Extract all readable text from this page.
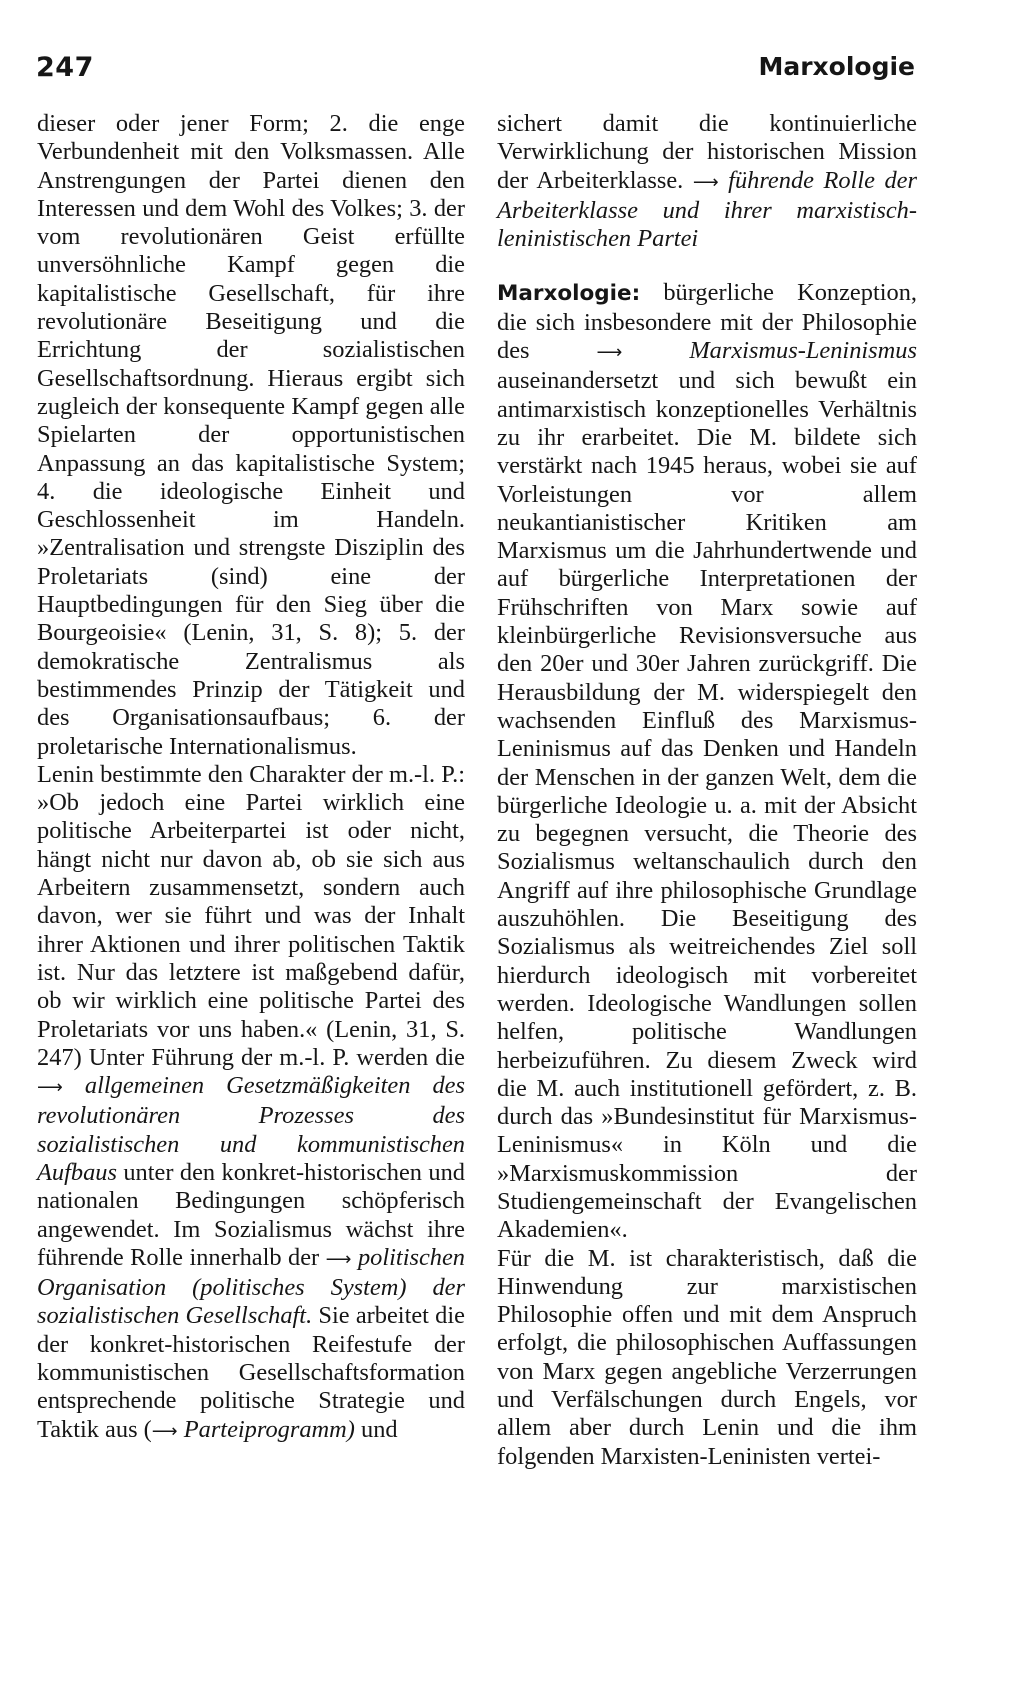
247	Marxologie

dieser oder jener Form; 2. die enge Verbundenheit mit den Volksmassen. Alle Anstrengungen der Partei dienen den Interessen und dem Wohl des Volkes; 3. der vom revolutionären Geist erfüllte unversöhnliche Kampf gegen die kapitalistische Gesellschaft, für ihre revolutionäre Beseitigung und die Errichtung der sozialistischen Gesellschaftsordnung. Hieraus ergibt sich zugleich der konsequente Kampf gegen alle Spielarten der opportunistischen Anpassung an das kapitalistische System; 4. die ideologische Einheit und Geschlossenheit im Handeln. »Zentralisation und strengste Disziplin des Proletariats (sind) eine der Hauptbedingungen für den Sieg über die Bourgeoisie« (Lenin, 31, S. 8); 5. der demokratische Zentralismus als bestimmendes Prinzip der Tätigkeit und des Organisationsaufbaus; 6. der proletarische Internationalismus.

Lenin bestimmte den Charakter der m.-l. P.: »Ob jedoch eine Partei wirklich eine politische Arbeiterpartei ist oder nicht, hängt nicht nur davon ab, ob sie sich aus Arbeitern zusammensetzt, sondern auch davon, wer sie führt und was der Inhalt ihrer Aktionen und ihrer politischen Taktik ist. Nur das letztere ist maßgebend dafür, ob wir wirklich eine politische Partei des Proletariats vor uns haben.« (Lenin, 31, S. 247) Unter Führung der m.-l. P. werden die ⟶ allgemeinen Gesetzmäßigkeiten des revolutionären Prozesses des sozialistischen und kommunistischen Aufbaus unter den konkret-historischen und nationalen Bedingungen schöpferisch angewendet. Im Sozialismus wächst ihre führende Rolle innerhalb der ⟶ politischen Organisation (politisches System) der sozialistischen Gesellschaft. Sie arbeitet die der konkret-historischen Reifestufe der kommunistischen Gesellschaftsformation entsprechende politische Strategie und Taktik aus (⟶ Parteiprogramm) und

sichert damit die kontinuierliche Verwirklichung der historischen Mission der Arbeiterklasse. ⟶ führende Rolle der Arbeiterklasse und ihrer marxistisch-leninistischen Partei

Marxologie: bürgerliche Konzeption, die sich insbesondere mit der Philosophie des	⟶	Marxismus-Leninismus auseinandersetzt und sich bewußt ein antimarxistisch konzeptionelles Verhältnis zu ihr erarbeitet. Die M. bildete sich verstärkt nach 1945 heraus, wobei sie auf Vorleistungen vor allem neukantianistischer Kritiken am Marxismus um die Jahrhundertwende und auf bürgerliche Interpretationen der Frühschriften von Marx sowie auf kleinbürgerliche Revisionsversuche aus den 20er und 30er Jahren zurückgriff. Die Herausbildung der M. widerspiegelt den wachsenden Einfluß des Marxismus-Leninismus auf das Denken und Handeln der Menschen in der ganzen Welt, dem die bürgerliche Ideologie u. a. mit der Absicht zu begegnen versucht, die Theorie des Sozialismus weltanschaulich durch den Angriff auf ihre philosophische Grundlage auszuhöhlen. Die Beseitigung des Sozialismus als weitreichendes Ziel soll hierdurch ideologisch mit vorbereitet werden. Ideologische Wandlungen sollen helfen, politische Wandlungen herbeizuführen. Zu diesem Zweck wird die M. auch institutionell gefördert, z. B. durch das »Bundesinstitut für Marxismus-Leninismus« in Köln und die »Marxismuskommission der Studiengemeinschaft der Evangelischen Akademien«.

Für die M. ist charakteristisch, daß die Hinwendung zur marxistischen Philosophie offen und mit dem Anspruch erfolgt, die philosophischen Auffassungen von Marx gegen angebliche Verzerrungen und Verfälschungen durch Engels, vor allem aber durch Lenin und die ihm folgenden Marxisten-Leninisten vertei-
